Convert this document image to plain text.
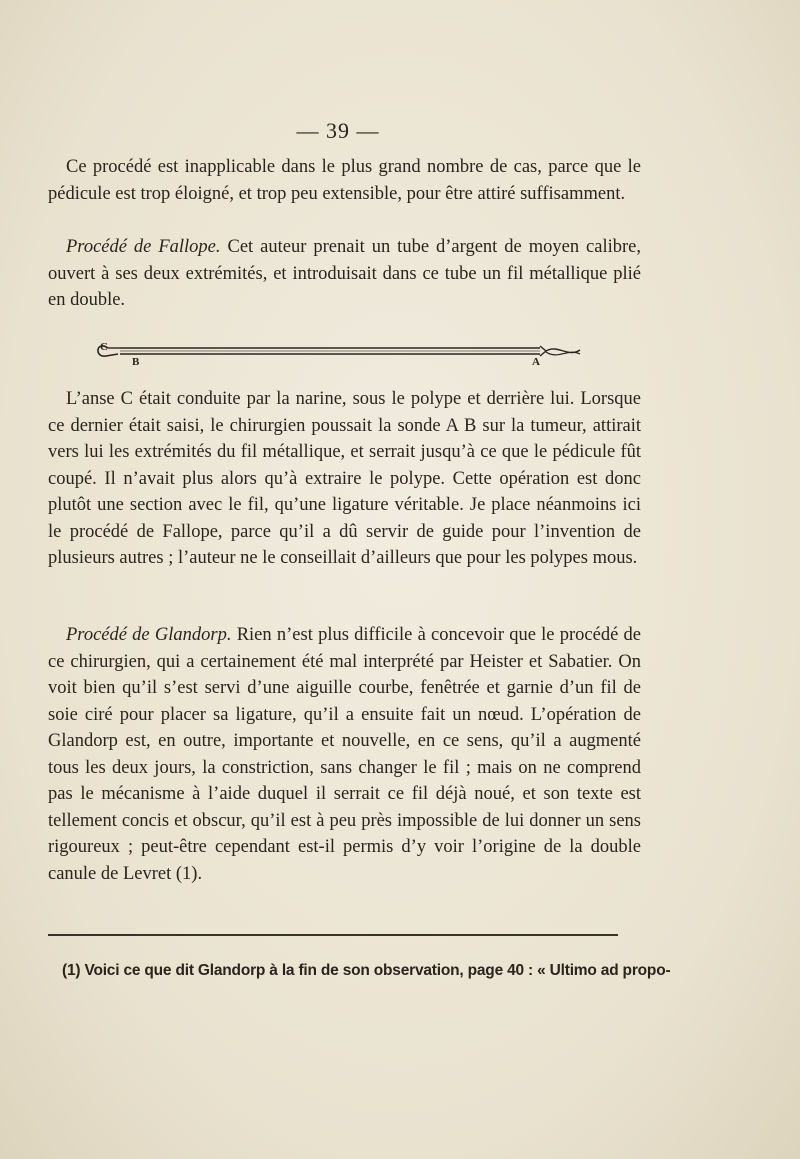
— 39 —

Ce procédé est inapplicable dans le plus grand nombre de cas, parce que le pédicule est trop éloigné, et trop peu extensible, pour être attiré suffisamment.

Procédé de Fallope. Cet auteur prenait un tube d’argent de moyen calibre, ouvert à ses deux extrémités, et introduisait dans ce tube un fil métallique plié en double.

C
B	A

L’anse C était conduite par la narine, sous le polype et derrière lui. Lorsque ce dernier était saisi, le chirurgien poussait la sonde A B sur la tumeur, attirait vers lui les extrémités du fil métallique, et serrait jusqu’à ce que le pédicule fût coupé. Il n’avait plus alors qu’à extraire le polype. Cette opération est donc plutôt une section avec le fil, qu’une ligature véritable. Je place néanmoins ici le procédé de Fallope, parce qu’il a dû servir de guide pour l’invention de plusieurs autres ; l’auteur ne le conseillait d’ailleurs que pour les polypes mous.

Procédé de Glandorp. Rien n’est plus difficile à concevoir que le procédé de ce chirurgien, qui a certainement été mal interprété par Heister et Sabatier. On voit bien qu’il s’est servi d’une aiguille courbe, fenêtrée et garnie d’un fil de soie ciré pour placer sa ligature, qu’il a ensuite fait un nœud. L’opération de Glandorp est, en outre, importante et nouvelle, en ce sens, qu’il a augmenté tous les deux jours, la constriction, sans changer le fil ; mais on ne comprend pas le mécanisme à l’aide duquel il serrait ce fil déjà noué, et son texte est tellement concis et obscur, qu’il est à peu près impossible de lui donner un sens rigoureux ; peut-être cependant est-il permis d’y voir l’origine de la double canule de Levret (1).

(1) Voici ce que dit Glandorp à la fin de son observation, page 40 : « Ultimo ad propo-
